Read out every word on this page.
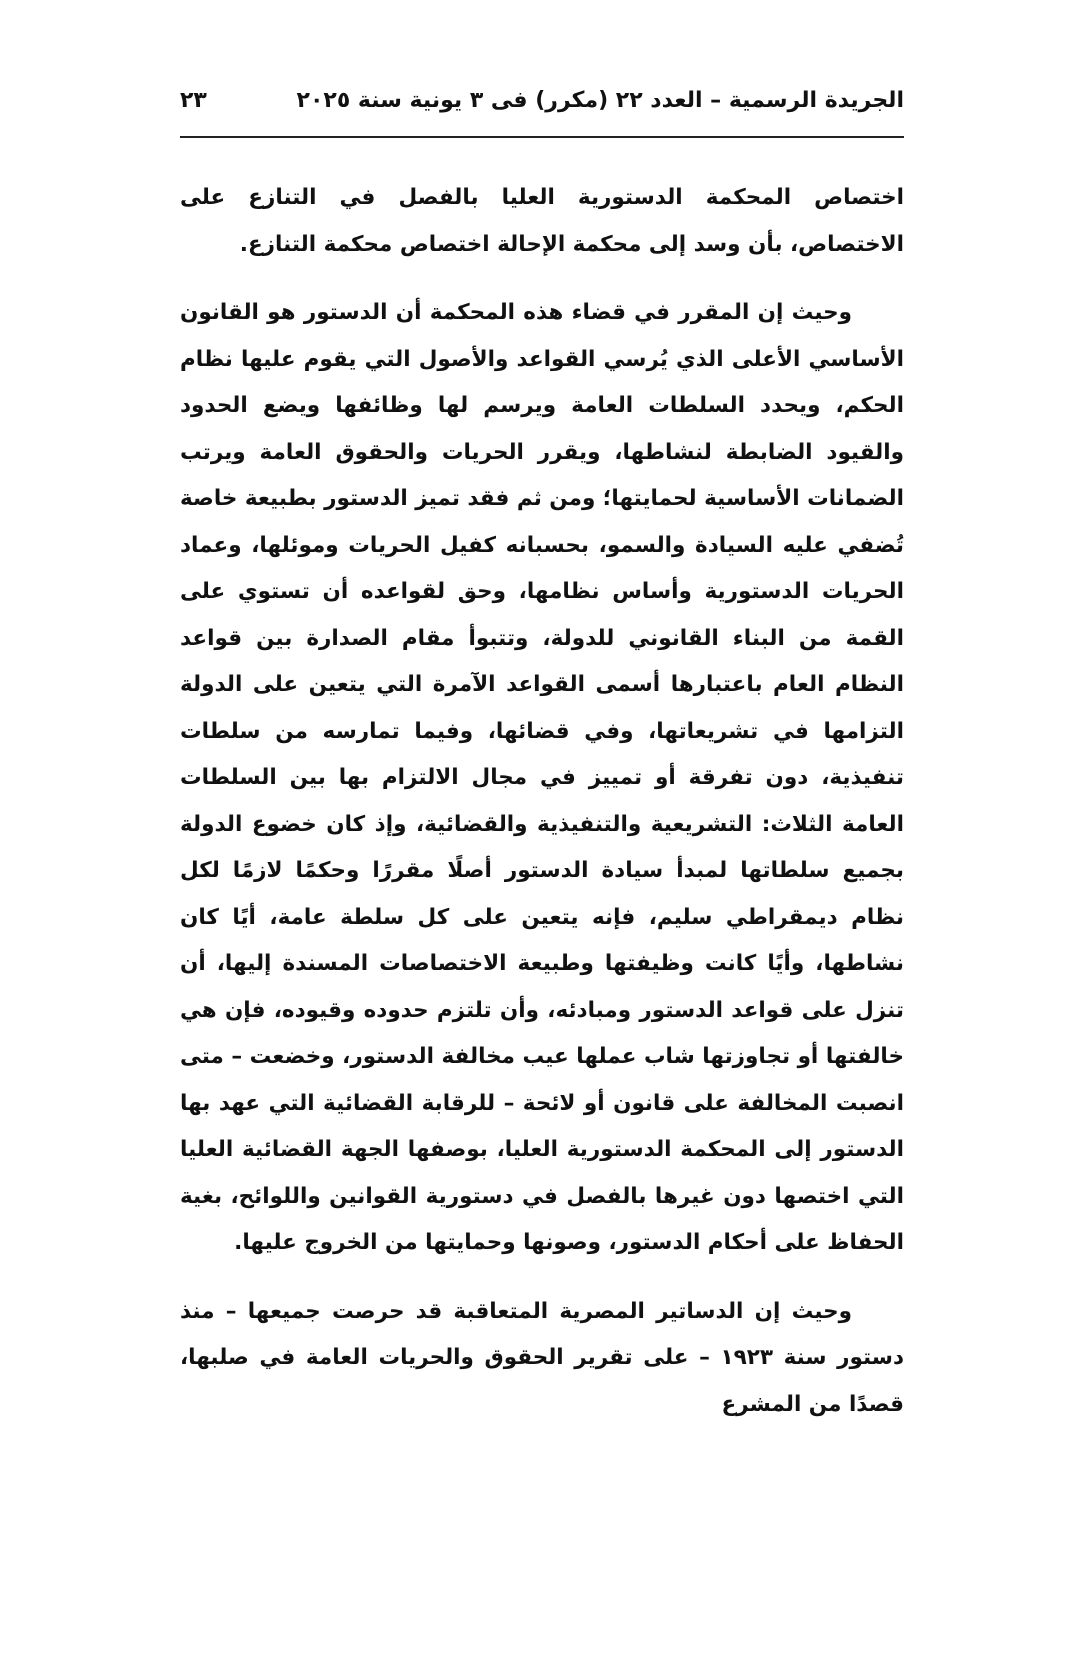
الجريدة الرسمية – العدد ٢٢ (مكرر) فى ٣ يونية سنة ٢٠٢٥
٢٣

اختصاص المحكمة الدستورية العليا بالفصل في التنازع على الاختصاص، بأن وسد إلى محكمة الإحالة اختصاص محكمة التنازع.

وحيث إن المقرر في قضاء هذه المحكمة أن الدستور هو القانون الأساسي الأعلى الذي يُرسي القواعد والأصول التي يقوم عليها نظام الحكم، ويحدد السلطات العامة ويرسم لها وظائفها ويضع الحدود والقيود الضابطة لنشاطها، ويقرر الحريات والحقوق العامة ويرتب الضمانات الأساسية لحمايتها؛ ومن ثم فقد تميز الدستور بطبيعة خاصة تُضفي عليه السيادة والسمو، بحسبانه كفيل الحريات وموئلها، وعماد الحريات الدستورية وأساس نظامها، وحق لقواعده أن تستوي على القمة من البناء القانوني للدولة، وتتبوأ مقام الصدارة بين قواعد النظام العام باعتبارها أسمى القواعد الآمرة التي يتعين على الدولة التزامها في تشريعاتها، وفي قضائها، وفيما تمارسه من سلطات تنفيذية، دون تفرقة أو تمييز في مجال الالتزام بها بين السلطات العامة الثلاث: التشريعية والتنفيذية والقضائية، وإذ كان خضوع الدولة بجميع سلطاتها لمبدأ سيادة الدستور أصلًا مقررًا وحكمًا لازمًا لكل نظام ديمقراطي سليم، فإنه يتعين على كل سلطة عامة، أيًا كان نشاطها، وأيًا كانت وظيفتها وطبيعة الاختصاصات المسندة إليها، أن تنزل على قواعد الدستور ومبادئه، وأن تلتزم حدوده وقيوده، فإن هي خالفتها أو تجاوزتها شاب عملها عيب مخالفة الدستور، وخضعت – متى انصبت المخالفة على قانون أو لائحة – للرقابة القضائية التي عهد بها الدستور إلى المحكمة الدستورية العليا، بوصفها الجهة القضائية العليا التي اختصها دون غيرها بالفصل في دستورية القوانين واللوائح، بغية الحفاظ على أحكام الدستور، وصونها وحمايتها من الخروج عليها.

وحيث إن الدساتير المصرية المتعاقبة قد حرصت جميعها – منذ دستور سنة ١٩٢٣ – على تقرير الحقوق والحريات العامة في صلبها، قصدًا من المشرع
